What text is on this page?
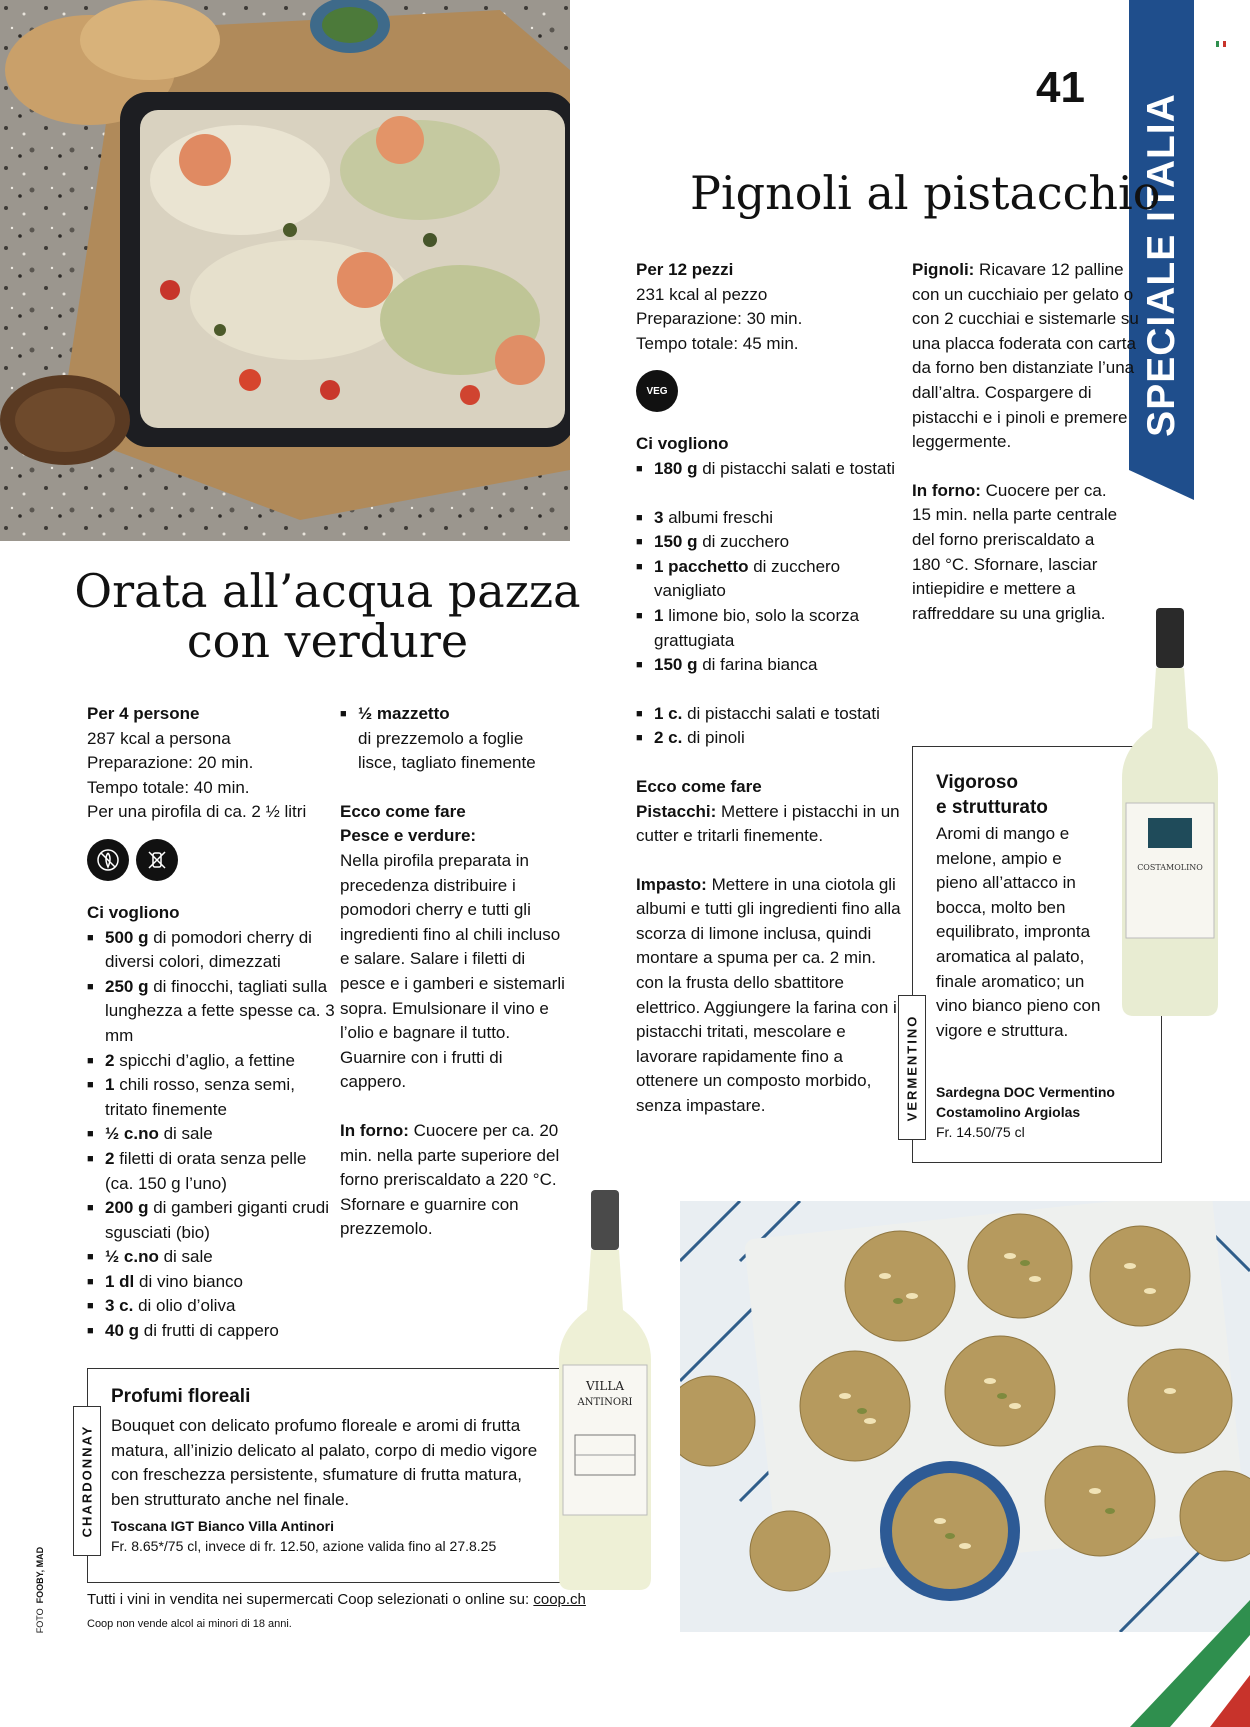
41
SPECIALE ITALIA
Pignoli al pistacchio
Per 12 pezzi
231 kcal al pezzo
Preparazione: 30 min.
Tempo totale: 45 min.
VEG
Ci vogliono
■ 180 g di pistacchi salati e tostati
■ 3 albumi freschi
■ 150 g di zucchero
■ 1 pacchetto di zucchero vanigliato
■ 1 limone bio, solo la scorza grattugiata
■ 150 g di farina bianca
■ 1 c. di pistacchi salati e tostati
■ 2 c. di pinoli
Ecco come fare
Pistacchi: Mettere i pistacchi in un cutter e tritarli finemente.
Impasto: Mettere in una ciotola gli albumi e tutti gli ingredienti fino alla scorza di limone inclusa, quindi montare a spuma per ca. 2 min. con la frusta dello sbattitore elettrico. Aggiungere la farina con i pistacchi tritati, mescolare e lavorare rapidamente fino a ottenere un composto morbido, senza impastare.
Pignoli: Ricavare 12 palline con un cucchiaio per gelato o con 2 cucchiai e sistemarle su una placca foderata con carta da forno ben distanziate l’una dall’altra. Cospargere di pistacchi e i pinoli e premere leggermente.
In forno: Cuocere per ca. 15 min. nella parte centrale del forno preriscaldato a 180 °C. Sfornare, lasciar intiepidire e mettere a raffreddare su una griglia.
VERMENTINO
Vigoroso
e strutturato
Aromi di mango e melone, ampio e pieno all’attacco in bocca, molto ben equilibrato, impronta aromatica al palato, finale aromatico; un vino bianco pieno con vigore e struttura.
Sardegna DOC Vermentino
Costamolino Argiolas
Fr. 14.50/75 cl
COSTAMOLINO
Orata all’acqua pazza
con verdure
Per 4 persone
287 kcal a persona
Preparazione: 20 min.
Tempo totale: 40 min.
Per una pirofila di ca. 2 ½ litri
Ci vogliono
■ 500 g di pomodori cherry di diversi colori, dimezzati
■ 250 g di finocchi, tagliati sulla lunghezza a fette spesse ca. 3 mm
■ 2 spicchi d’aglio, a fettine
■ 1 chili rosso, senza semi, tritato finemente
■ ½ c.no di sale
■ 2 filetti di orata senza pelle (ca. 150 g l’uno)
■ 200 g di gamberi giganti crudi sgusciati (bio)
■ ½ c.no di sale
■ 1 dl di vino bianco
■ 3 c. di olio d’oliva
■ 40 g di frutti di cappero
■ ½ mazzetto
di prezzemolo a foglie lisce, tagliato finemente
Ecco come fare
Pesce e verdure:
Nella pirofila preparata in precedenza distribuire i pomodori cherry e tutti gli ingredienti fino al chili incluso e salare. Salare i filetti di pesce e i gamberi e sistemarli sopra. Emulsionare il vino e l’olio e bagnare il tutto. Guarnire con i frutti di cappero.
In forno: Cuocere per ca. 20 min. nella parte superiore del forno preriscaldato a 220 °C. Sfornare e guarnire con prezzemolo.
CHARDONNAY
Profumi floreali
Bouquet con delicato profumo floreale e aromi di frutta matura, all’inizio delicato al palato, corpo di medio vigore con freschezza persistente, sfumature di frutta matura, ben strutturato anche nel finale.
Toscana IGT Bianco Villa Antinori
Fr. 8.65*/75 cl, invece di fr. 12.50, azione valida fino al 27.8.25
VILLA
ANTINORI
Tutti i vini in vendita nei supermercati Coop selezionati o online su: coop.ch
Coop non vende alcol ai minori di 18 anni.
FOTO  FOOBY, MAD
